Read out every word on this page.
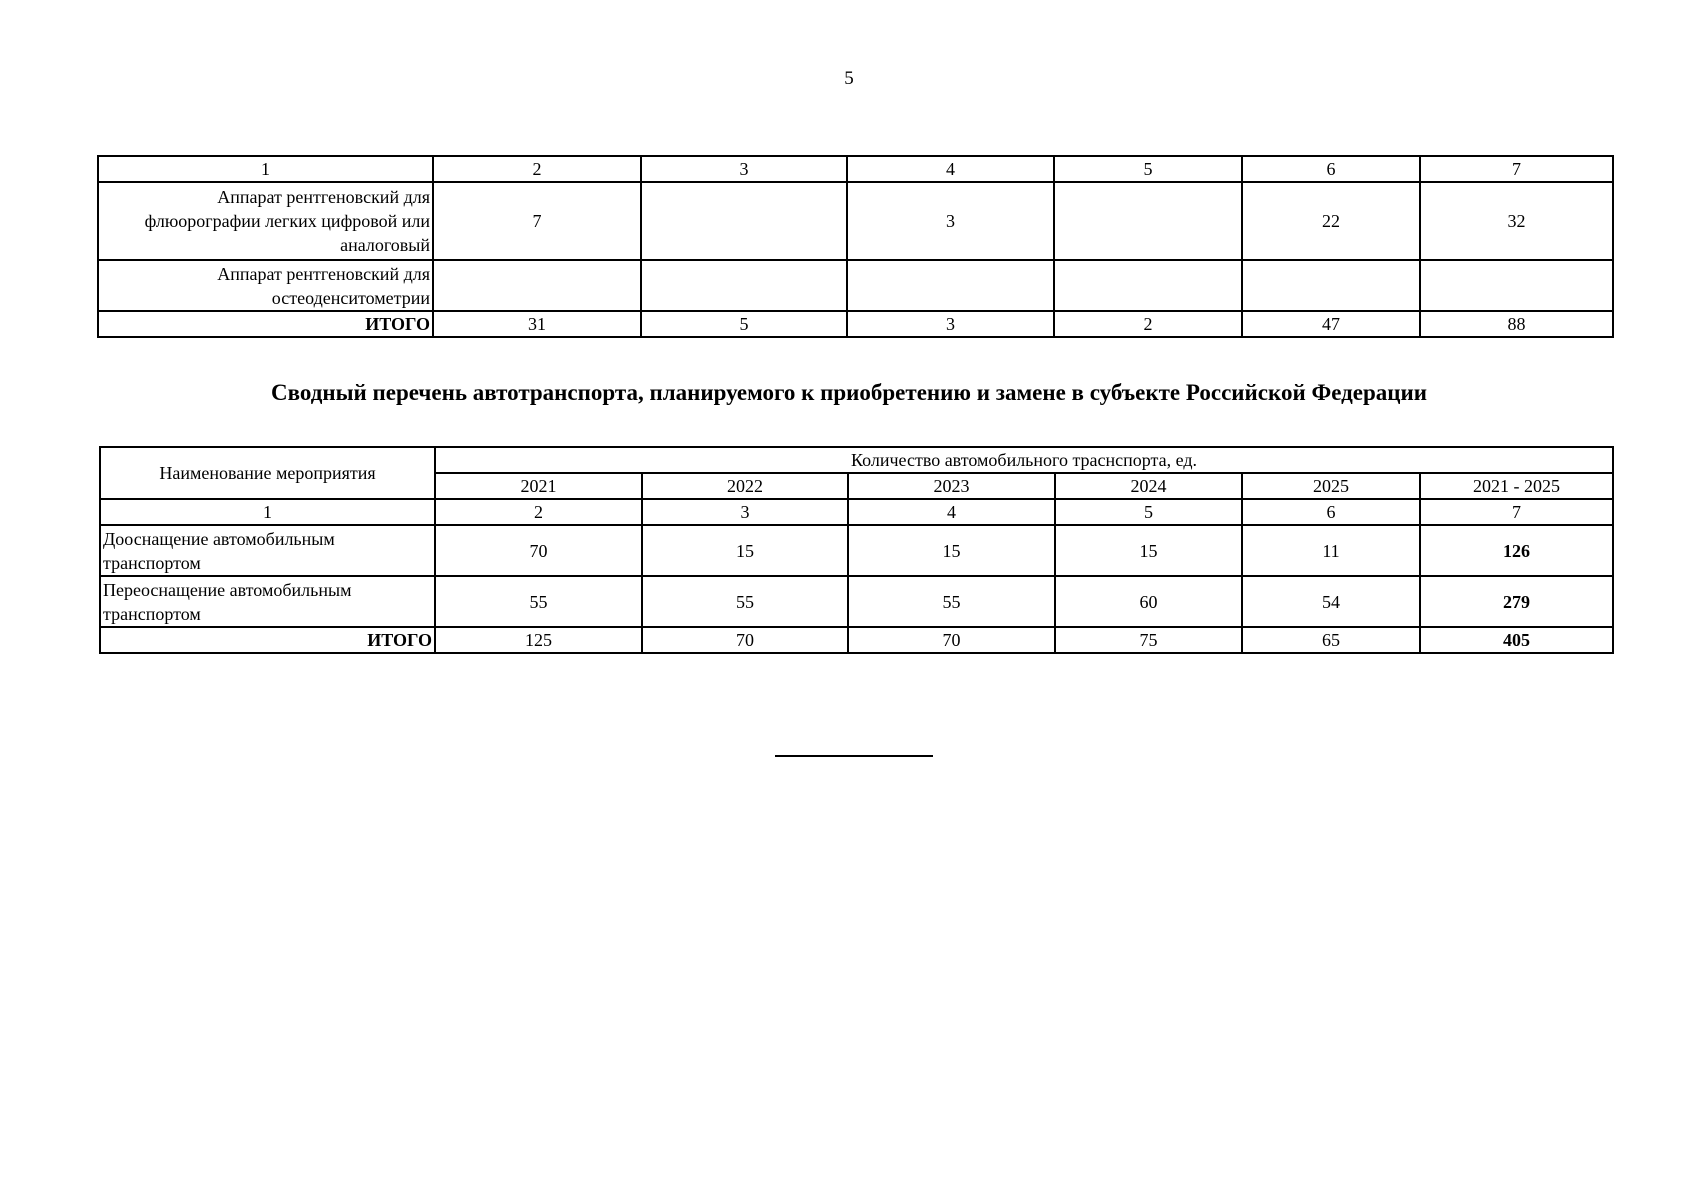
5
1	2	3	4	5	6	7

Аппарат рентгеновский для
флюорографии легких цифровой или
аналоговый	7		3		22	32

Аппарат рентгеновский для
остеоденситометрии						

ИТОГО	31	5	3	2	47	88
Сводный перечень автотранспорта, планируемого к приобретению и замене в субъекте Российской Федерации
Наименование мероприятия	Количество автомобильного траснспорта, ед.					
	2021	2022	2023	2024	2025	2021 - 2025
1	2	3	4	5	6	7

Дооснащение автомобильным
транспортом	70	15	15	15	11	126

Переоснащение автомобильным
транспортом	55	55	55	60	54	279
ИТОГО	125	70	70	75	65	405
